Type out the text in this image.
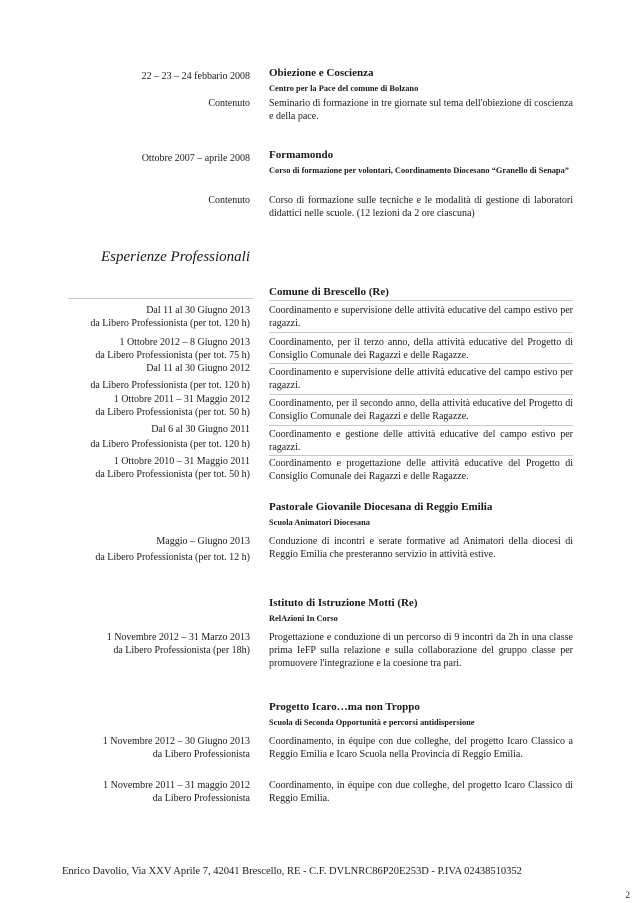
22 – 23 – 24 febbario 2008 Obiezione e Coscienza
Centro per la Pace del comune di Bolzano
Contenuto Seminario di formazione in tre giornate sul tema dell'obiezione di coscienza e della pace.
Ottobre 2007 – aprile 2008 Formamondo
Corso di formazione per volontari, Coordinamento Diocesano “Granello di Senapa”
Contenuto Corso di formazione sulle tecniche e le modalità di gestione di laboratori didattici nelle scuole. (12 lezioni da 2 ore ciascuna)
Esperienze Professionali
Comune di Brescello (Re)
Dal 11 al 30 Giugno 2013
da Libero Professionista (per tot. 120 h)
Coordinamento e supervisione delle attività educative del campo estivo per ragazzi.
1 Ottobre 2012 – 8 Giugno 2013
da Libero Professionista (per tot. 75 h)
Coordinamento, per il terzo anno, della attività educative del Progetto di Consiglio Comunale dei Ragazzi e delle Ragazze.
Dal 11 al 30 Giugno 2012
da Libero Professionista (per tot. 120 h)
Coordinamento e supervisione delle attività educative del campo estivo per ragazzi.
1 Ottobre 2011 – 31 Maggio 2012
da Libero Professionista (per tot. 50 h)
Coordinamento, per il secondo anno, della attività educative del Progetto di Consiglio Comunale dei Ragazzi e delle Ragazze.
Dal 6 al 30 Giugno 2011
da Libero Professionista (per tot. 120 h)
Coordinamento e gestione delle attività educative del campo estivo per ragazzi.
1 Ottobre 2010 – 31 Maggio 2011
da Libero Professionista (per tot. 50 h)
Coordinamento e progettazione delle attività educative del Progetto di Consiglio Comunale dei Ragazzi e delle Ragazze.
Pastorale Giovanile Diocesana di Reggio Emilia
Scuola Animatori Diocesana
Maggio – Giugno 2013
da Libero Professionista (per tot. 12 h)
Conduzione di incontri e serate formative ad Animatori della diocesi di Reggio Emilia che presteranno servizio in attività estive.
Istituto di Istruzione Motti (Re)
RelAzioni In Corso
1 Novembre 2012 – 31 Marzo 2013
da Libero Professionista (per 18h)
Progettazione e conduzione di un percorso di 9 incontri da 2h in una classe prima IeFP sulla relazione e sulla collaborazione del gruppo classe per promuovere l'integrazione e la coesione tra pari.
Progetto Icaro…ma non Troppo
Scuola di Seconda Opportunità e percorsi antidispersione
1 Novembre 2012 – 30 Giugno 2013
da Libero Professionista
Coordinamento, in équipe con due colleghe, del progetto Icaro Classico a Reggio Emilia e Icaro Scuola nella Provincia di Reggio Emilia.
1 Novembre 2011 – 31 maggio 2012
da Libero Professionista
Coordinamento, in équipe con due colleghe, del progetto Icaro Classico di Reggio Emilia.
Enrico Davolio, Via XXV Aprile 7, 42041 Brescello, RE - C.F. DVLNRC86P20E253D - P.IVA 02438510352
2
